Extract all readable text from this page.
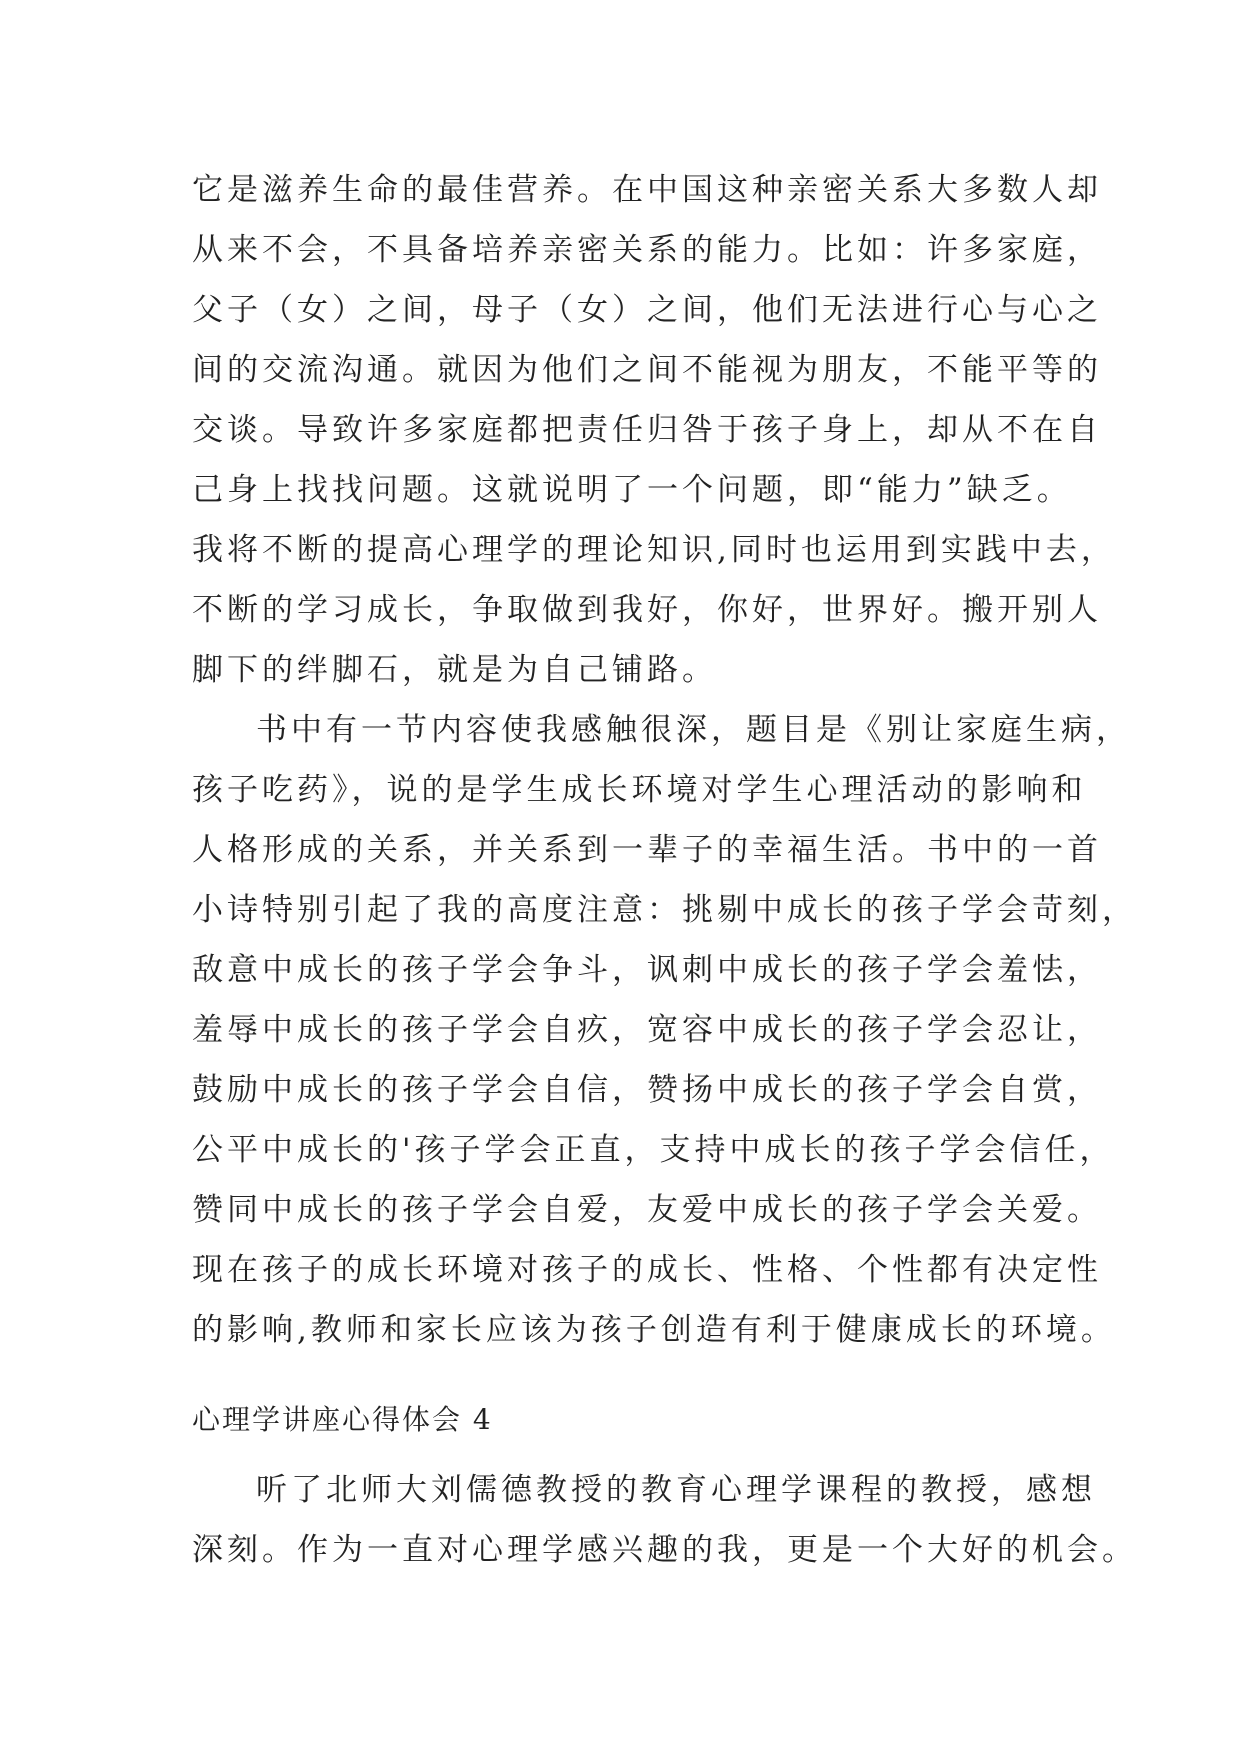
它是滋养生命的最佳营养。在中国这种亲密关系大多数人却
从来不会，不具备培养亲密关系的能力。比如：许多家庭，
父子（女）之间，母子（女）之间，他们无法进行心与心之
间的交流沟通。就因为他们之间不能视为朋友，不能平等的
交谈。导致许多家庭都把责任归咎于孩子身上，却从不在自
己身上找找问题。这就说明了一个问题，即“能力”缺乏。
我将不断的提高心理学的理论知识,同时也运用到实践中去，
不断的学习成长，争取做到我好，你好，世界好。搬开别人
脚下的绊脚石，就是为自己铺路。
书中有一节内容使我感触很深，题目是《别让家庭生病，
孩子吃药》，说的是学生成长环境对学生心理活动的影响和
人格形成的关系，并关系到一辈子的幸福生活。书中的一首
小诗特别引起了我的高度注意：挑剔中成长的孩子学会苛刻，
敌意中成长的孩子学会争斗，讽刺中成长的孩子学会羞怯，
羞辱中成长的孩子学会自疚，宽容中成长的孩子学会忍让，
鼓励中成长的孩子学会自信，赞扬中成长的孩子学会自赏，
公平中成长的'孩子学会正直，支持中成长的孩子学会信任，
赞同中成长的孩子学会自爱，友爱中成长的孩子学会关爱。
现在孩子的成长环境对孩子的成长、性格、个性都有决定性
的影响,教师和家长应该为孩子创造有利于健康成长的环境。
心理学讲座心得体会 4
听了北师大刘儒德教授的教育心理学课程的教授，感想
深刻。作为一直对心理学感兴趣的我，更是一个大好的机会。
